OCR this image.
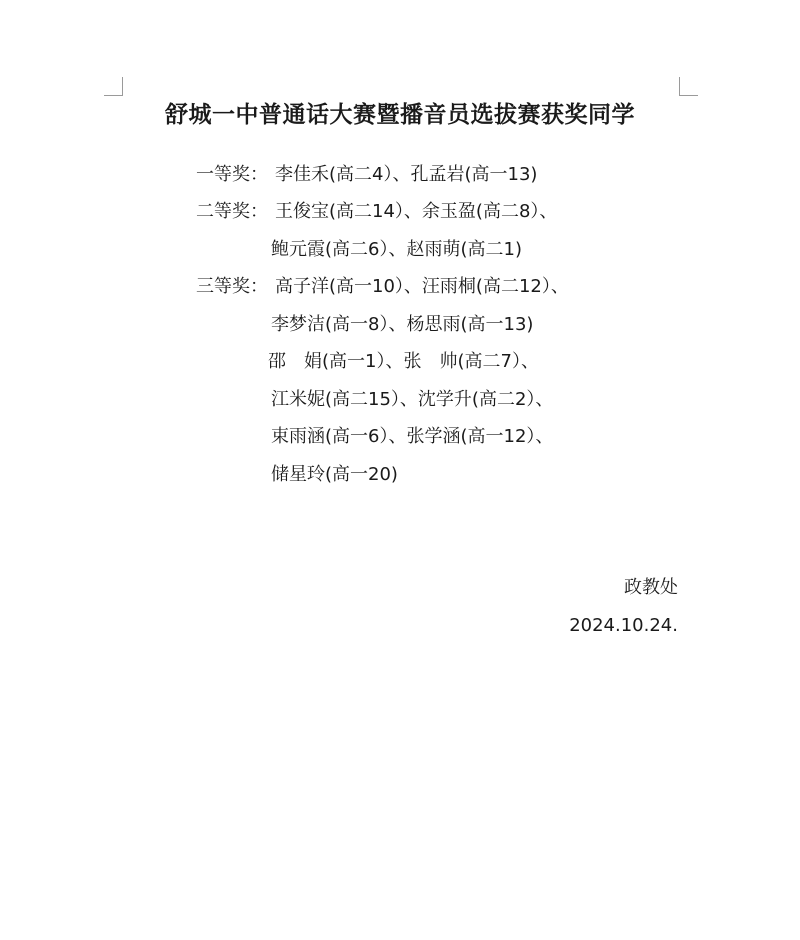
舒城一中普通话大赛暨播音员选拔赛获奖同学
一等奖： 李佳禾(高二4）、孔孟岩(高一13)
二等奖： 王俊宝(高二14）、余玉盈(高二8）、
鲍元霞(高二6）、赵雨萌(高二1)
三等奖： 高子洋(高一10）、汪雨桐(高二12）、
李梦洁(高一8）、杨思雨(高一13)
邵　娟(高一1）、张　帅(高二7）、
江米妮(高二15）、沈学升(高二2）、
束雨涵(高一6）、张学涵(高一12）、
储星玲(高一20)
政教处
2024.10.24.
